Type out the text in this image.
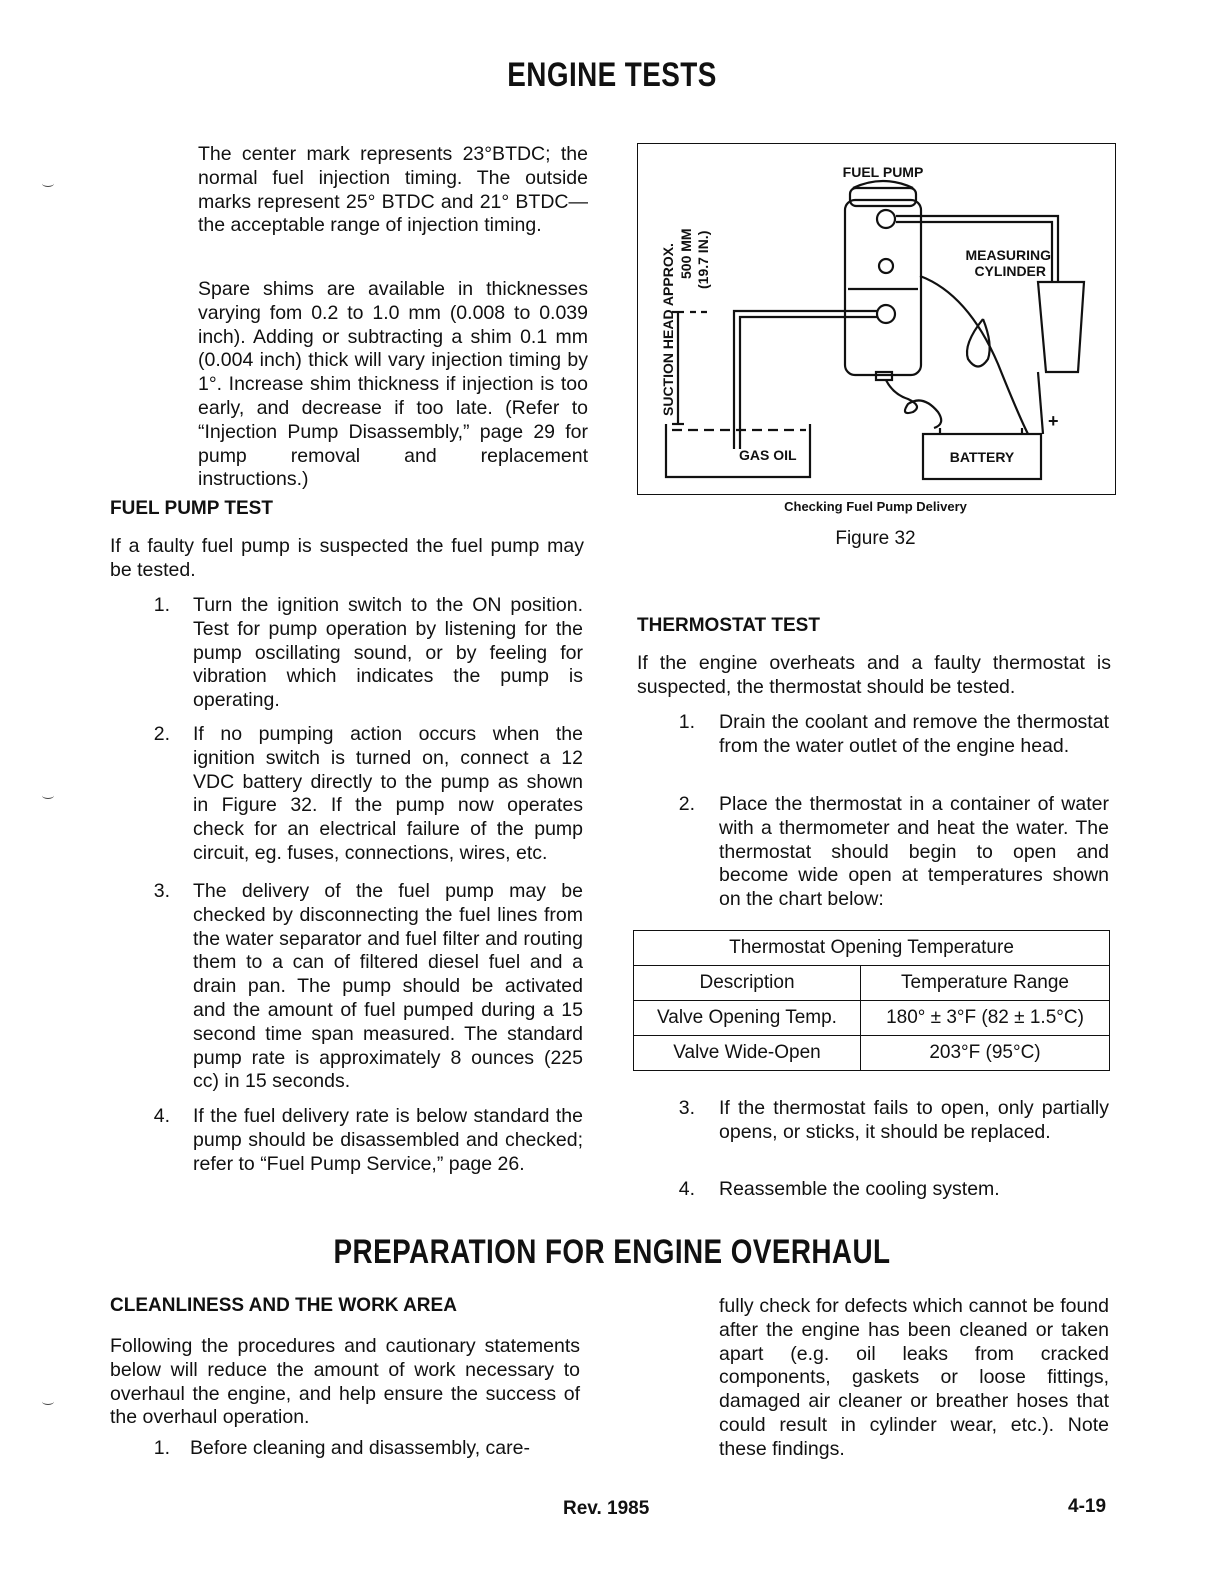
ENGINE TESTS

The center mark represents 23°BTDC; the normal fuel injection timing. The outside marks represent 25° BTDC and 21° BTDC—the acceptable range of injection timing.

Spare shims are available in thicknesses varying fom 0.2 to 1.0 mm (0.008 to 0.039 inch). Adding or subtracting a shim 0.1 mm (0.004 inch) thick will vary injection timing by 1°. Increase shim thickness if injection is too early, and decrease if too late. (Refer to “Injection Pump Disassembly,” page 29 for pump removal and replacement instructions.)

FUEL PUMP TEST

If a faulty fuel pump is suspected the fuel pump may be tested.

1. Turn the ignition switch to the ON position. Test for pump operation by listening for the pump oscillating sound, or by feeling for vibration which indicates the pump is operating.
2. If no pumping action occurs when the ignition switch is turned on, connect a 12 VDC battery directly to the pump as shown in Figure 32. If the pump now operates check for an electrical failure of the pump circuit, eg. fuses, connections, wires, etc.
3. The delivery of the fuel pump may be checked by disconnecting the fuel lines from the water separator and fuel filter and routing them to a can of filtered diesel fuel and a drain pan. The pump should be activated and the amount of fuel pumped during a 15 second time span measured. The standard pump rate is approximately 8 ounces (225 cc) in 15 seconds.
4. If the fuel delivery rate is below standard the pump should be disassembled and checked; refer to “Fuel Pump Service,” page 26.
FUEL PUMP
MEASURING
CYLINDER
GAS OIL	BATTERY
+
SUCTION HEAD APPROX. 500 MM (19.7 IN.)
Checking Fuel Pump Delivery
Figure 32
THERMOSTAT TEST

If the engine overheats and a faulty thermostat is suspected, the thermostat should be tested.

1. Drain the coolant and remove the thermostat from the water outlet of the engine head.
2. Place the thermostat in a container of water with a thermometer and heat the water. The thermostat should begin to open and become wide open at temperatures shown on the chart below:
Thermostat Opening Temperature	
Description	Temperature Range
Valve Opening Temp.	180° ± 3°F (82 ± 1.5°C)
Valve Wide-Open	203°F (95°C)
3. If the thermostat fails to open, only partially opens, or sticks, it should be replaced.
4. Reassemble the cooling system.
PREPARATION FOR ENGINE OVERHAUL
CLEANLINESS AND THE WORK AREA

Following the procedures and cautionary statements below will reduce the amount of work necessary to overhaul the engine, and help ensure the success of the overhaul operation.

1. Before cleaning and disassembly, care-

fully check for defects which cannot be found after the engine has been cleaned or taken apart (e.g. oil leaks from cracked components, gaskets or loose fittings, damaged air cleaner or breather hoses that could result in cylinder wear, etc.). Note these findings.

Rev. 1985	4-19
